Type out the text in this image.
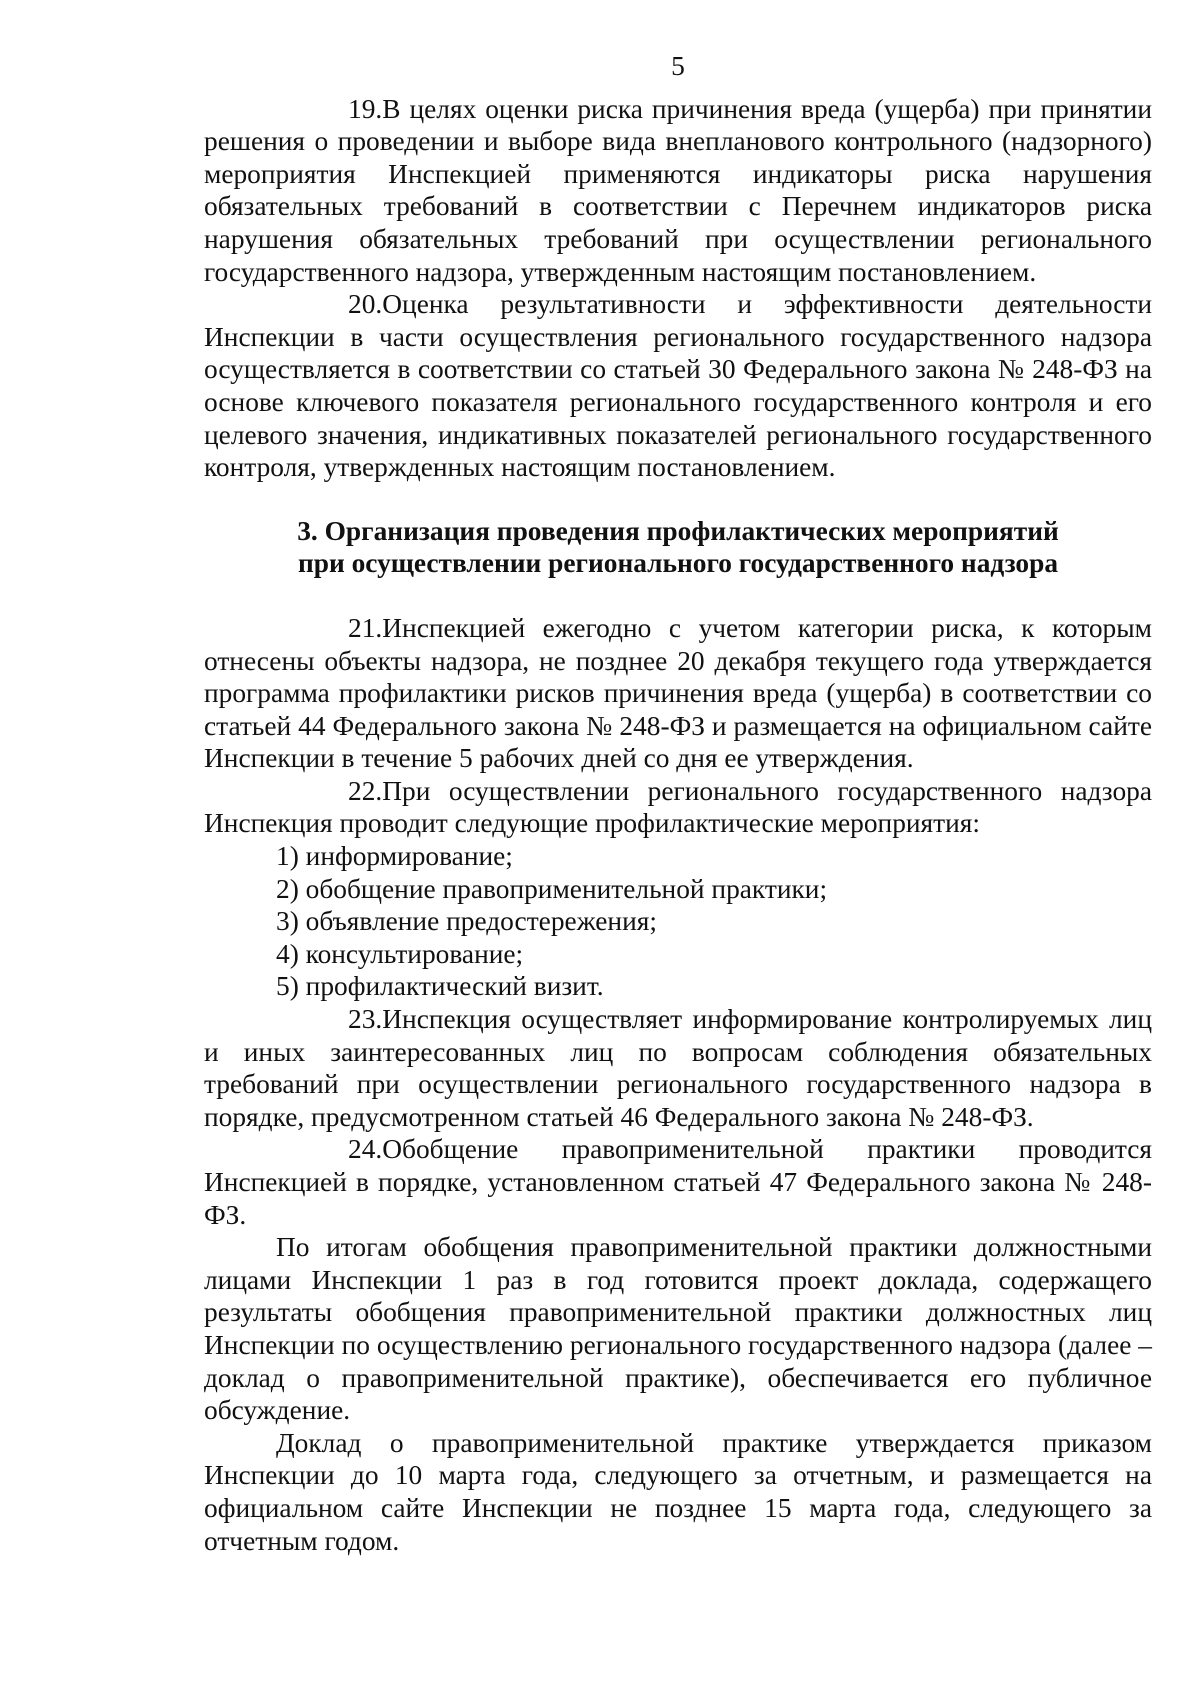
5

19.В целях оценки риска причинения вреда (ущерба) при принятии решения о проведении и выборе вида внепланового контрольного (надзорного) мероприятия Инспекцией применяются индикаторы риска нарушения обязательных требований в соответствии с Перечнем индикаторов риска нарушения обязательных требований при осуществлении регионального государственного надзора, утвержденным настоящим постановлением.

20.Оценка результативности и эффективности деятельности Инспекции в части осуществления регионального государственного надзора осуществляется в соответствии со статьей 30 Федерального закона № 248-ФЗ на основе ключевого показателя регионального государственного контроля и его целевого значения, индикативных показателей регионального государственного контроля, утвержденных настоящим постановлением.

3. Организация проведения профилактических мероприятий
при осуществлении регионального государственного надзора

21.Инспекцией ежегодно с учетом категории риска, к которым отнесены объекты надзора, не позднее 20 декабря текущего года утверждается программа профилактики рисков причинения вреда (ущерба) в соответствии со статьей 44 Федерального закона № 248-ФЗ и размещается на официальном сайте Инспекции в течение 5 рабочих дней со дня ее утверждения.

22.При осуществлении регионального государственного надзора Инспекция проводит следующие профилактические мероприятия:

1) информирование;

2) обобщение правоприменительной практики;

3) объявление предостережения;

4) консультирование;

5) профилактический визит.

23.Инспекция осуществляет информирование контролируемых лиц и иных заинтересованных лиц по вопросам соблюдения обязательных требований при осуществлении регионального государственного надзора в порядке, предусмотренном статьей 46 Федерального закона № 248-ФЗ.

24.Обобщение правоприменительной практики проводится Инспекцией в порядке, установленном статьей 47 Федерального закона № 248-ФЗ.

По итогам обобщения правоприменительной практики должностными лицами Инспекции 1 раз в год готовится проект доклада, содержащего результаты обобщения правоприменительной практики должностных лиц Инспекции по осуществлению регионального государственного надзора (далее – доклад о правоприменительной практике), обеспечивается его публичное обсуждение.

Доклад о правоприменительной практике утверждается приказом Инспекции до 10 марта года, следующего за отчетным, и размещается на официальном сайте Инспекции не позднее 15 марта года, следующего за отчетным годом.
